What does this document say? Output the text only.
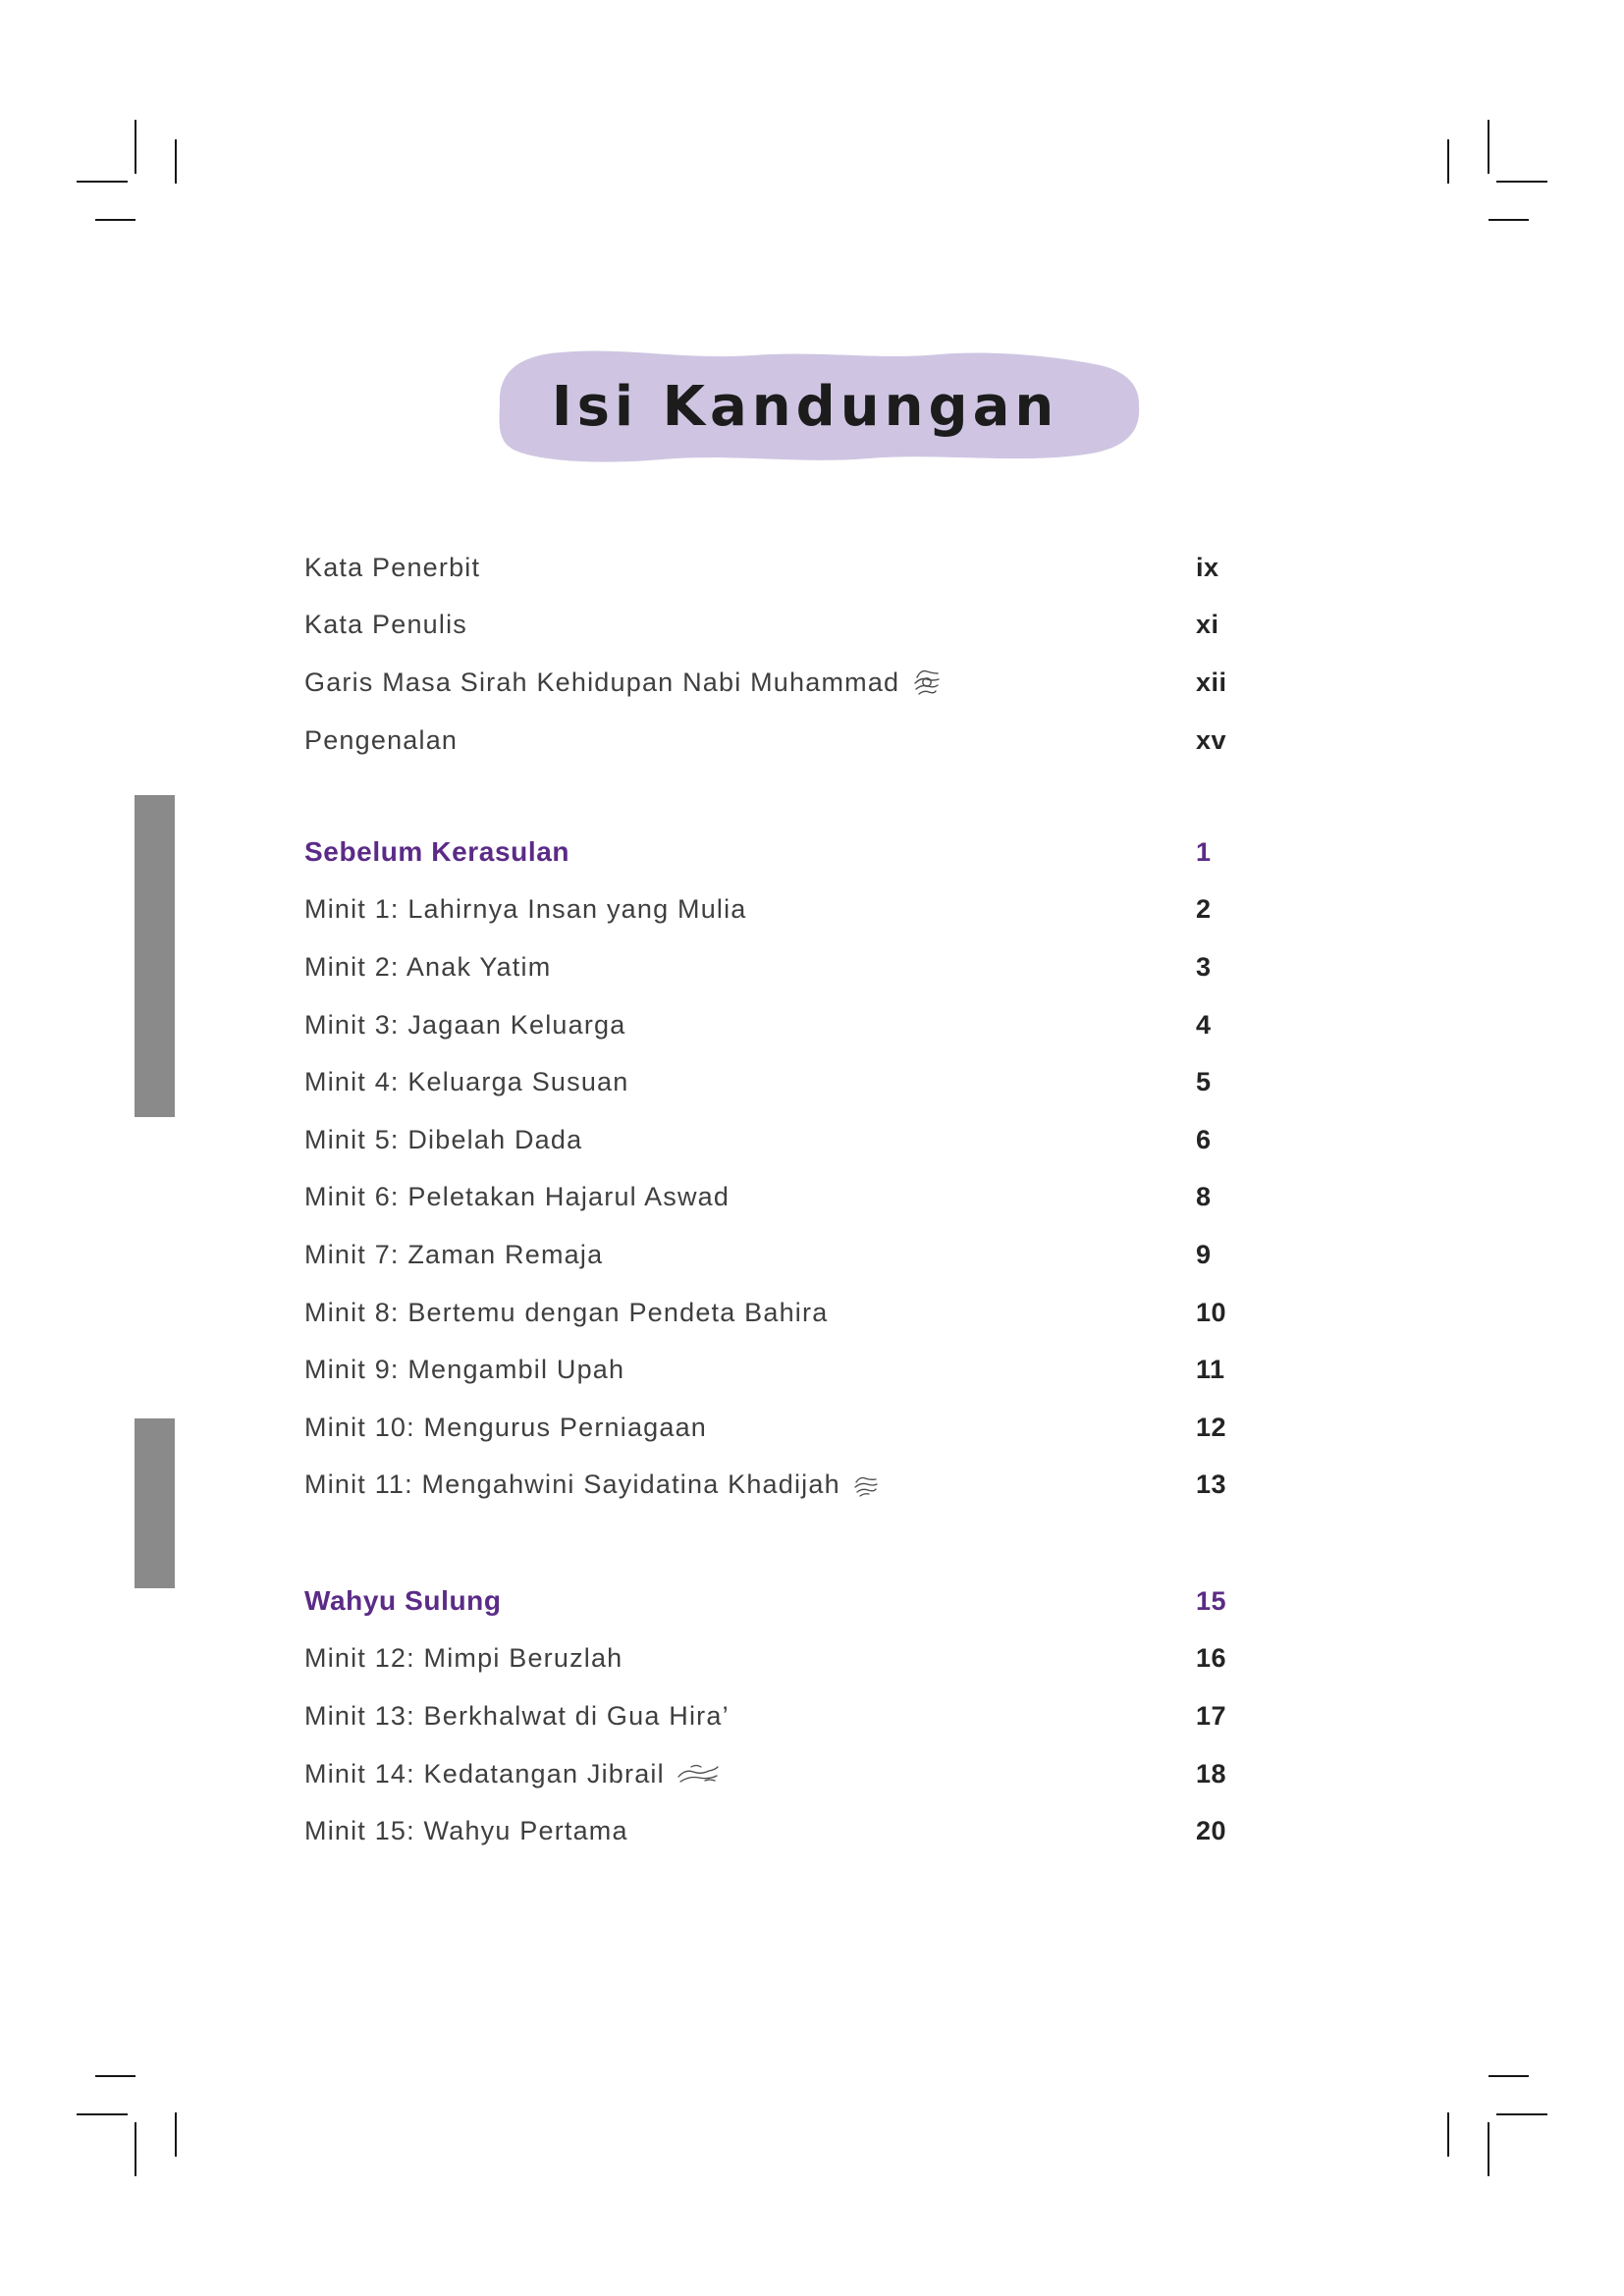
Isi Kandungan
Kata Penerbit	ix
Kata Penulis	xi
Garis Masa Sirah Kehidupan Nabi Muhammad	xii
Pengenalan	xv
Sebelum Kerasulan	1
Minit 1: Lahirnya Insan yang Mulia	2
Minit 2: Anak Yatim	3
Minit 3: Jagaan Keluarga	4
Minit 4: Keluarga Susuan	5
Minit 5: Dibelah Dada	6
Minit 6: Peletakan Hajarul Aswad	8
Minit 7: Zaman Remaja	9
Minit 8: Bertemu dengan Pendeta Bahira	10
Minit 9: Mengambil Upah	11
Minit 10: Mengurus Perniagaan	12
Minit 11: Mengahwini Sayidatina Khadijah	13
Wahyu Sulung	15
Minit 12: Mimpi Beruzlah	16
Minit 13: Berkhalwat di Gua Hira’	17
Minit 14: Kedatangan Jibrail	18
Minit 15: Wahyu Pertama	20
